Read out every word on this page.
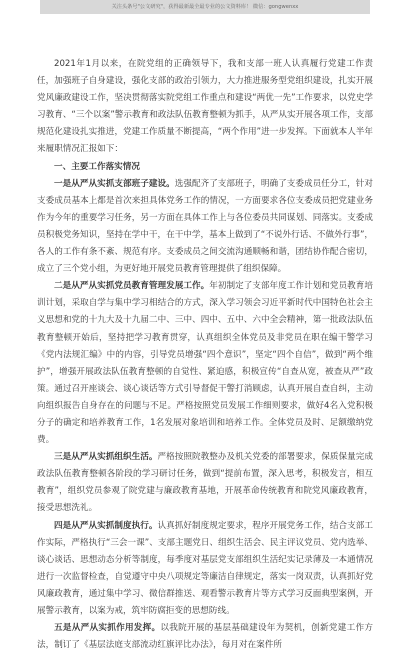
关注头条号"公文研究"，获得最新最全最专业的公文资料库！ 微信：gongwenxx

2021年1月以来，在院党组的正确领导下，我和支部一班人认真履行党建工作责任，加强班子自身建设，强化支部的政治引领力，大力推进服务型党组织建设，扎实开展党风廉政建设工作，坚决贯彻落实院党组工作重点和建设“两优一先”工作要求，以党史学习教育、“三个以案”警示教育和政法队伍教育整顿为抓手，从严从实开展各项工作，支部规范化建设扎实推进，党建工作质量不断提高，“两个作用”进一步发挥。下面就本人半年来履职情况汇报如下：

一、主要工作落实情况

一是从严从实抓支部班子建设。选强配齐了支部班子，明确了支委成员任分工，针对支委成员基本上都是首次来担具体党务工作的情况，一方面要求各位支委成员把党建业务作为今年的重要学习任务，另一方面在具体工作上与各位委员共同谋划、同落实。支委成员积极党务知识，坚持在学中干，在干中学，基本上做到了“不说外行话、不做外行事”，各人的工作有条不紊、规范有序。支委成员之间交流沟通顺畅和谐，团结协作配合密切，成立了三个党小组，为更好地开展党员教育管理提供了组织保障。

二是从严从实抓党员教育管理发展工作。年初制定了支部年度工作计划和党员教育培训计划，采取自学与集中学习相结合的方式，深入学习领会习近平新时代中国特色社会主义思想和党的十九大及十九届二中、三中、四中、五中、六中全会精神，第一批政法队伍教育整顿开始后，坚持把学习教育贯穿，认真组织全体党员及非党员在职在编干警学习《党内法规汇编》中的内容，引导党员增强“四个意识”，坚定“四个自信”，做到“两个维护”，增强开展政法队伍教育整顿的自觉性、紧迫感，积极宣传“自查从宽，被查从严”政策。通过召开座谈会、谈心谈话等方式引导督促干警打消顾虑，认真开展自查自纠，主动向组织报告自身存在的问题与不足。严格按照党员发展工作细则要求，做好4名入党积极分子的确定和培养教育工作，1名发展对象培训和培养工作。全体党员及时、足额缴纳党费。

三是从严从实抓组织生活。严格按照院教整办及机关党委的部署要求，保质保量完成政法队伍教育整顿各阶段的学习研讨任务，做到“提前布置，深入思考，积极发言，相互教育”，组织党员参观了院党建与廉政教育基地，开展革命传统教育和院党风廉政教育，接受思想洗礼。

四是从严从实抓制度执行。认真抓好制度规定要求，程序开展党务工作，结合支部工作实际，严格执行“三会一课”、支部主题党日、组织生活会、民主评议党员、党内选举、谈心谈话、思想动态分析等制度，每季度对基层党支部组织生活纪实记录薄及一本通情况进行一次监督检查，自觉遵守中央八项规定等廉洁自律规定，落实一岗双责，认真抓好党风廉政教育，通过集中学习、微信群推送、观看警示教育片等方式学习反面典型案例，开展警示教育，以案为戒，筑牢防腐拒变的思想防线。

五是从严从实抓作用发挥。以我院开展的基层基础建设年为契机，创新党建工作方法，制订了《基层法庭支部流动红旗评比办法》，每月对在案件所
